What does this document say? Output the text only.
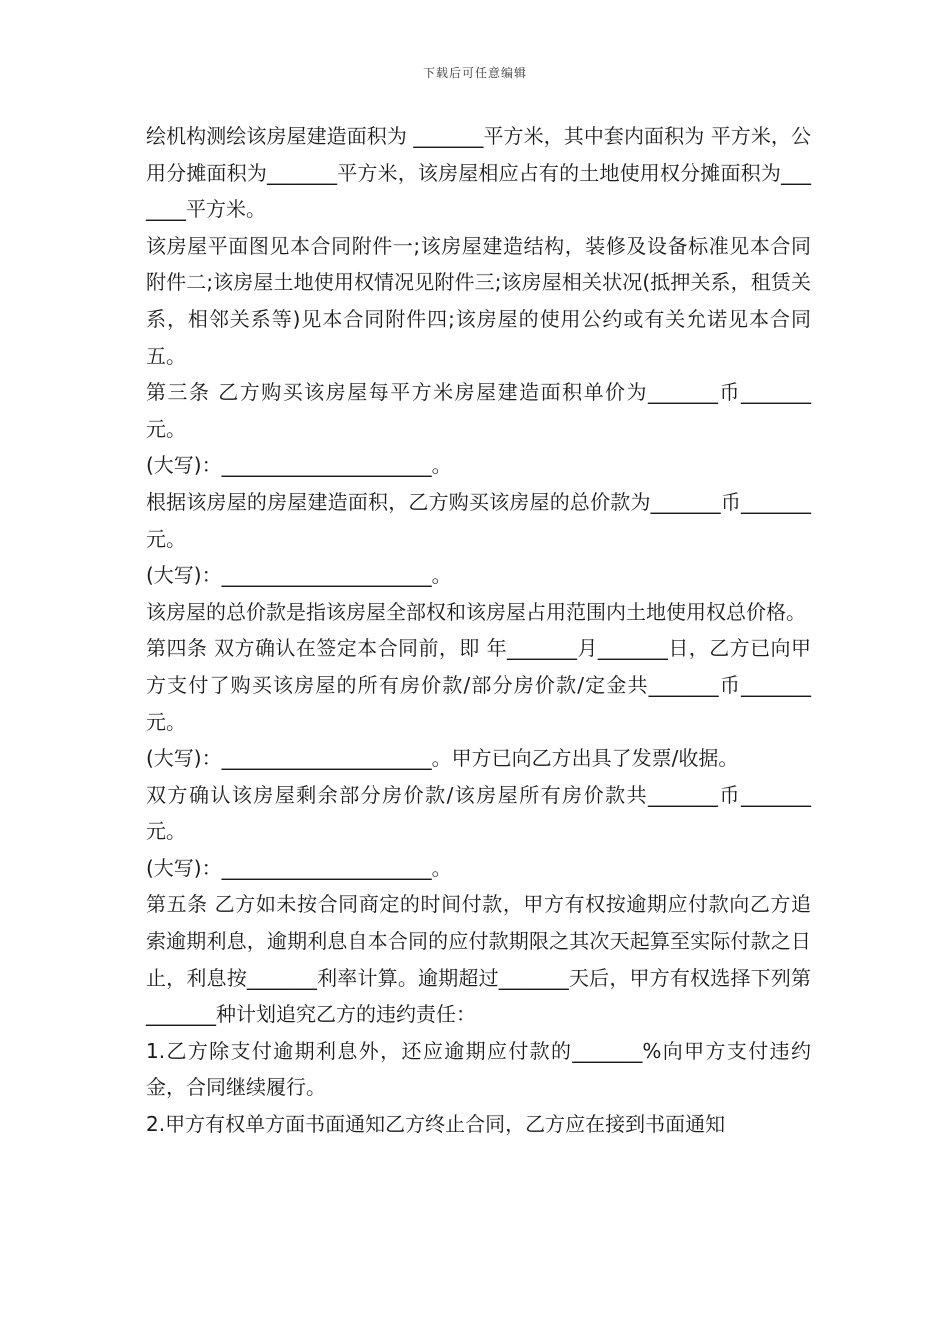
下载后可任意编辑

绘机构测绘该房屋建造面积为 _______平方米，其中套内面积为 平方米，公用分摊面积为_______平方米，该房屋相应占有的土地使用权分摊面积为_______平方米。

该房屋平面图见本合同附件一;该房屋建造结构，装修及设备标准见本合同附件二;该房屋土地使用权情况见附件三;该房屋相关状况(抵押关系，租赁关系，相邻关系等)见本合同附件四;该房屋的使用公约或有关允诺见本合同五。

第三条 乙方购买该房屋每平方米房屋建造面积单价为_______币_______元。

(大写)：_____________________。

根据该房屋的房屋建造面积，乙方购买该房屋的总价款为_______币_______元。

(大写)：_____________________。

该房屋的总价款是指该房屋全部权和该房屋占用范围内土地使用权总价格。

第四条 双方确认在签定本合同前，即 年_______月_______日，乙方已向甲方支付了购买该房屋的所有房价款/部分房价款/定金共_______币_______元。

(大写)：_____________________。甲方已向乙方出具了发票/收据。

双方确认该房屋剩余部分房价款/该房屋所有房价款共_______币_______元。

(大写)：_____________________。

第五条 乙方如未按合同商定的时间付款，甲方有权按逾期应付款向乙方追索逾期利息，逾期利息自本合同的应付款期限之其次天起算至实际付款之日止，利息按_______利率计算。逾期超过_______天后，甲方有权选择下列第_______种计划追究乙方的违约责任：

1.乙方除支付逾期利息外，还应逾期应付款的_______%向甲方支付违约金，合同继续履行。

2.甲方有权单方面书面通知乙方终止合同，乙方应在接到书面通知
